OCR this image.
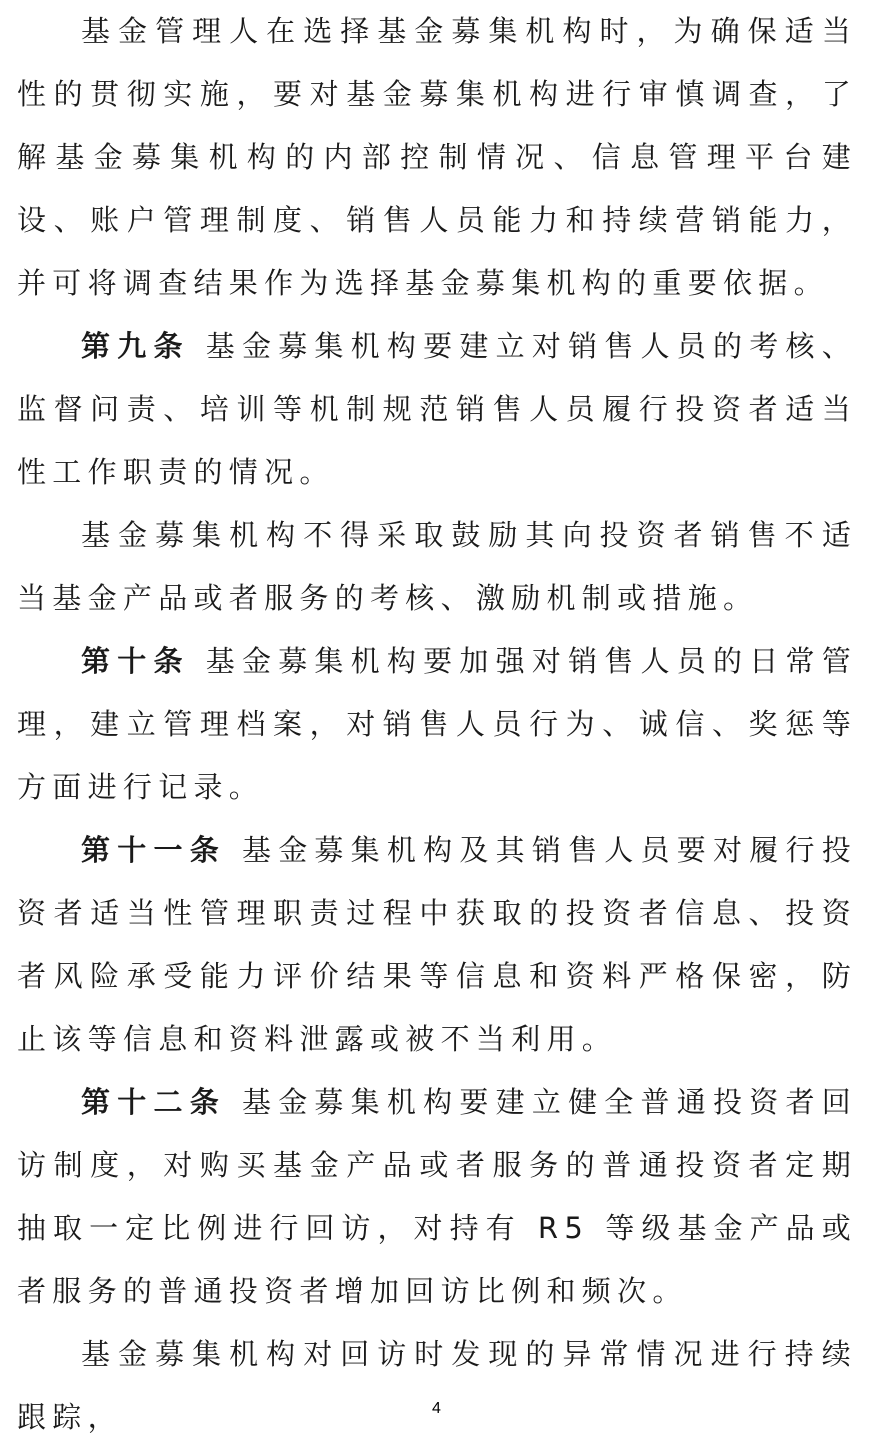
基金管理人在选择基金募集机构时，为确保适当性的贯彻实施，要对基金募集机构进行审慎调查，了解基金募集机构的内部控制情况、信息管理平台建设、账户管理制度、销售人员能力和持续营销能力，并可将调查结果作为选择基金募集机构的重要依据。

第九条 基金募集机构要建立对销售人员的考核、监督问责、培训等机制规范销售人员履行投资者适当性工作职责的情况。

基金募集机构不得采取鼓励其向投资者销售不适当基金产品或者服务的考核、激励机制或措施。

第十条 基金募集机构要加强对销售人员的日常管理，建立管理档案，对销售人员行为、诚信、奖惩等方面进行记录。

第十一条 基金募集机构及其销售人员要对履行投资者适当性管理职责过程中获取的投资者信息、投资者风险承受能力评价结果等信息和资料严格保密，防止该等信息和资料泄露或被不当利用。

第十二条 基金募集机构要建立健全普通投资者回访制度，对购买基金产品或者服务的普通投资者定期抽取一定比例进行回访，对持有 R5 等级基金产品或者服务的普通投资者增加回访比例和频次。

基金募集机构对回访时发现的异常情况进行持续跟踪，	4
